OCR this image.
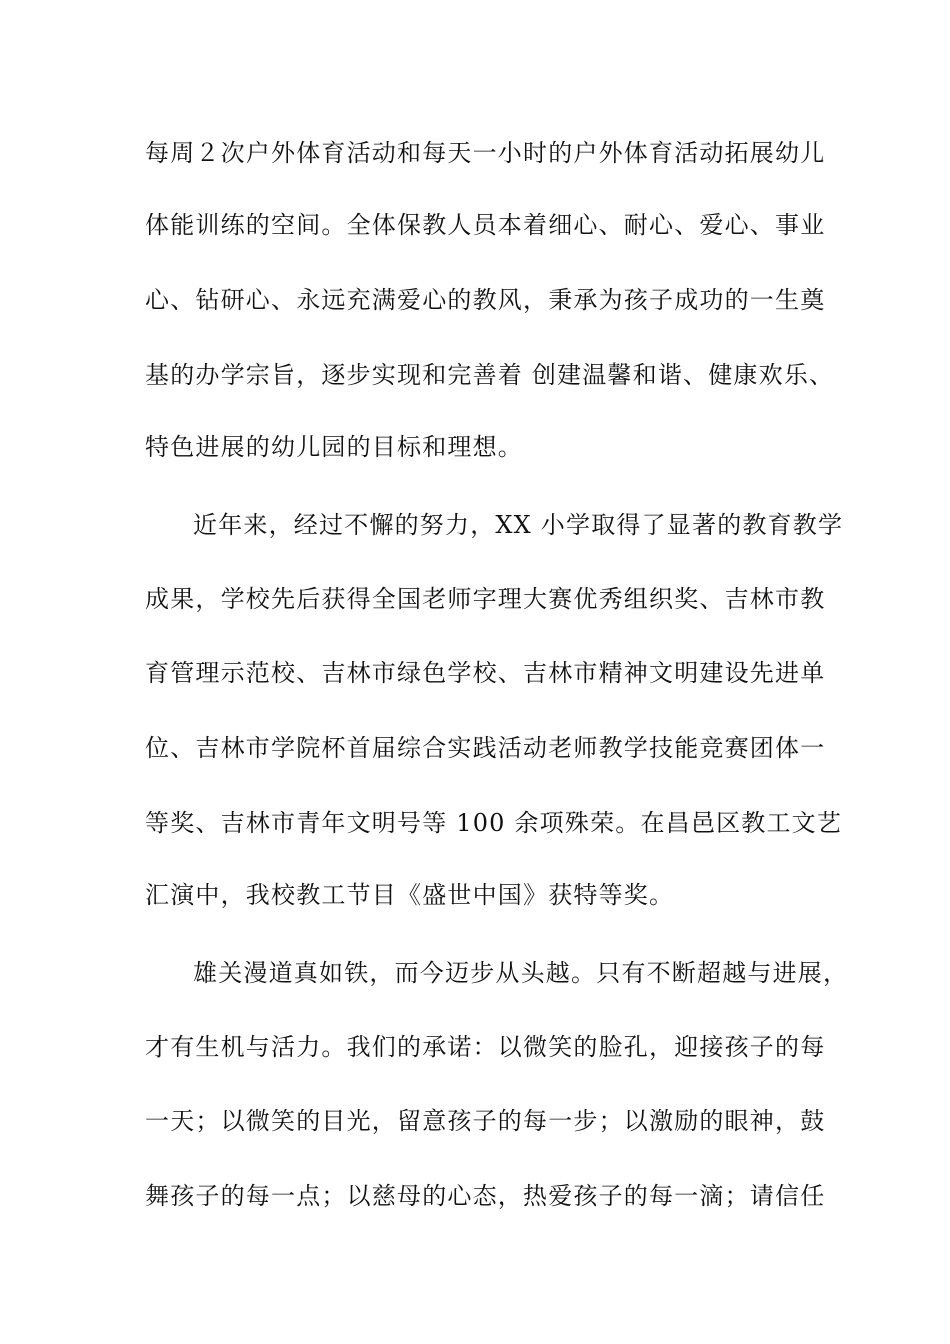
每周２次户外体育活动和每天一小时的户外体育活动拓展幼儿
体能训练的空间。全体保教人员本着细心、耐心、爱心、事业
心、钻研心、永远充满爱心的教风，秉承为孩子成功的一生奠
基的办学宗旨，逐步实现和完善着 创建温馨和谐、健康欢乐、
特色进展的幼儿园的目标和理想。
近年来，经过不懈的努力，XX 小学取得了显著的教育教学
成果，学校先后获得全国老师字理大赛优秀组织奖、吉林市教
育管理示范校、吉林市绿色学校、吉林市精神文明建设先进单
位、吉林市学院杯首届综合实践活动老师教学技能竞赛团体一
等奖、吉林市青年文明号等 100 余项殊荣。在昌邑区教工文艺
汇演中，我校教工节目《盛世中国》获特等奖。
雄关漫道真如铁，而今迈步从头越。只有不断超越与进展，
才有生机与活力。我们的承诺：以微笑的脸孔，迎接孩子的每
一天；以微笑的目光，留意孩子的每一步；以激励的眼神，鼓
舞孩子的每一点；以慈母的心态，热爱孩子的每一滴；请信任
